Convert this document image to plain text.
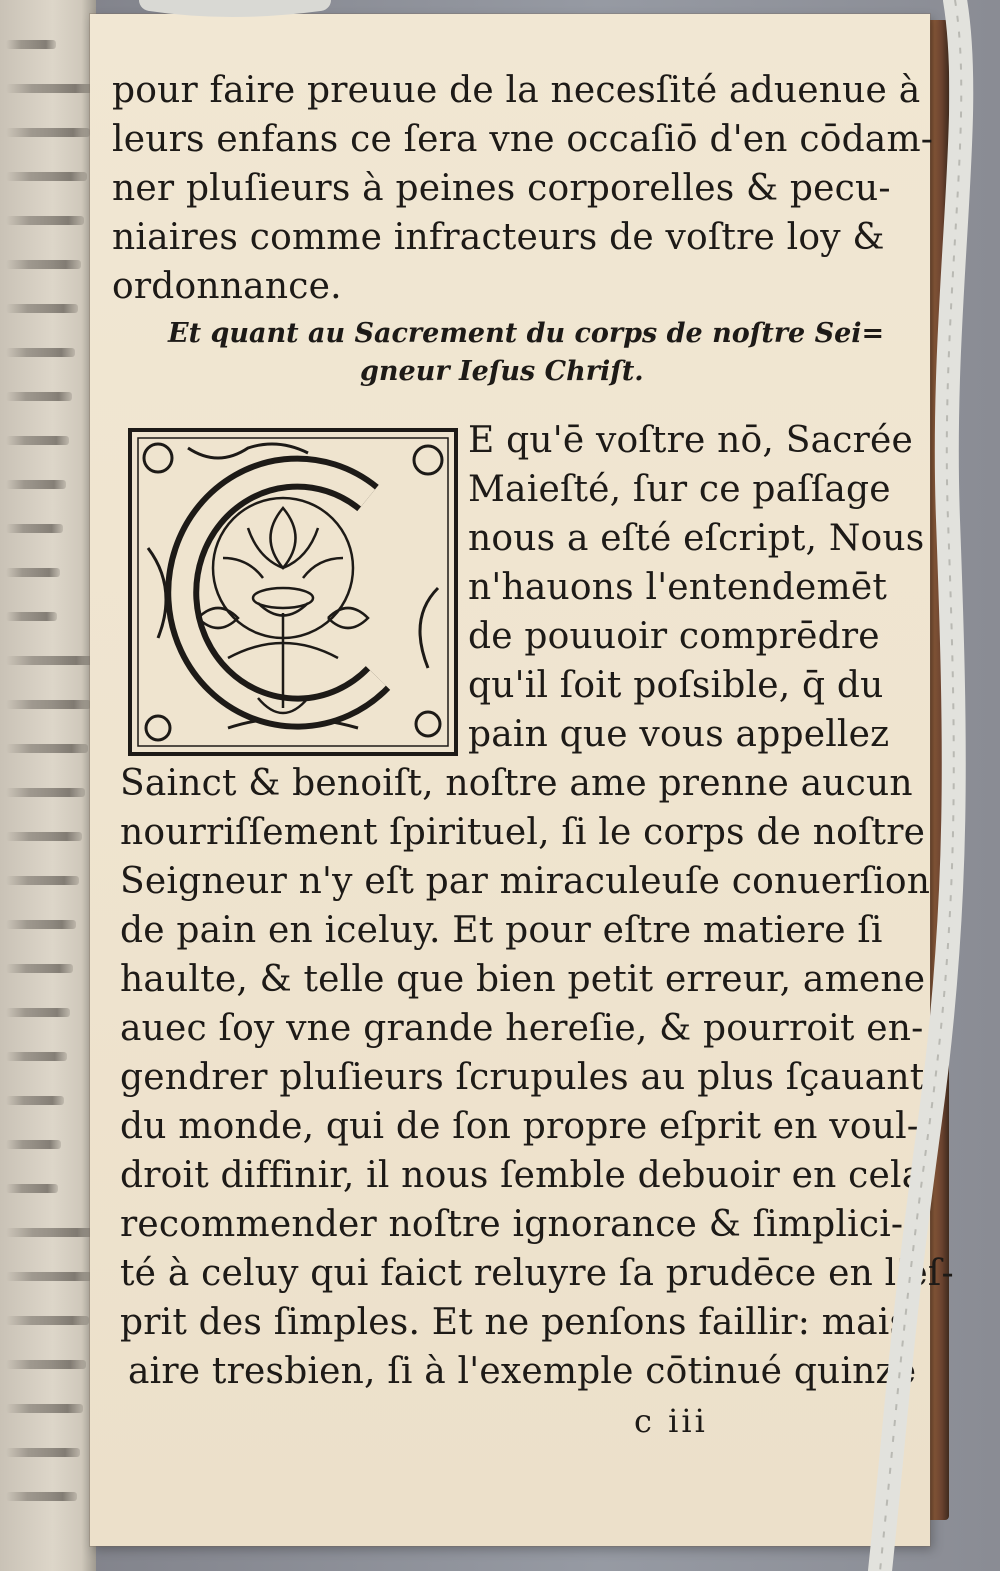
pour faire preuue de la necesſité aduenue à
leurs enfans ce ſera vne occaſiō d'en cōdam-
ner pluſieurs à peines corporelles & pecu-
niaires comme infracteurs de voſtre loy &
ordonnance.
Et quant au Sacrement du corps de noſtre Sei=
gneur Ieſus Chriſt.
E qu'ē voſtre nō, Sacrée
Maieſté, ſur ce paſſage
nous a eſté eſcript, Nous
n'hauons l'entendemēt
de pouuoir comprēdre
qu'il ſoit poſsible, q̄ du
pain que vous appellez
Sainct & benoiſt, noſtre ame prenne aucun
nourriſſement ſpirituel, ſi le corps de noſtre
Seigneur n'y eſt par miraculeuſe conuerſion
de pain en iceluy. Et pour eſtre matiere ſi
haulte, & telle que bien petit erreur, amene
auec ſoy vne grande hereſie, & pourroit en-
gendrer pluſieurs ſcrupules au plus ſçauant
du monde, qui de ſon propre eſprit en voul-
droit diffinir, il nous ſemble debuoir en cela
recommender noſtre ignorance & ſimplici-
té à celuy qui faict reluyre ſa prudēce en l'eſ-
prit des ſimples. Et ne penſons faillir: mais
aire tresbien, ſi à l'exemple cōtinué quinze
c iii
